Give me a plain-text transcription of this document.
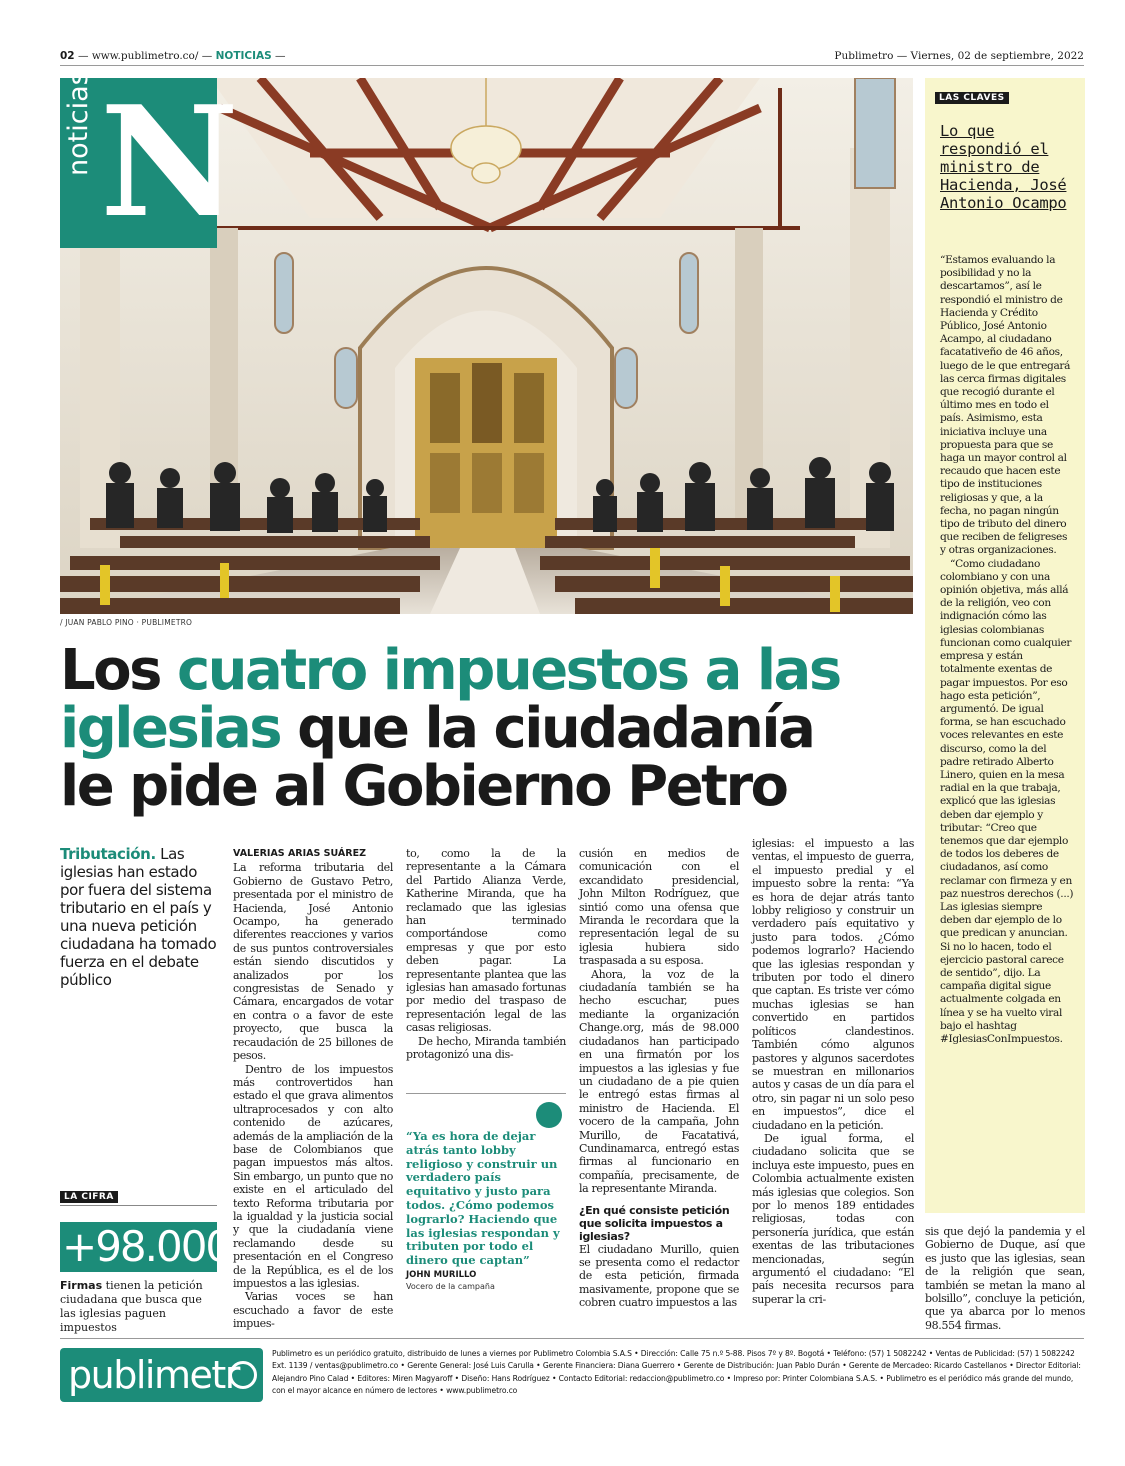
02 — www.publimetro.co/ — NOTICIAS —	Publimetro — Viernes, 02 de septiembre, 2022
/ JUAN PABLO PINO · PUBLIMETRO
noticias N
Los cuatro impuestos a las
iglesias que la ciudadanía
le pide al Gobierno Petro
Tributación. Las iglesias han estado por fuera del sistema tributario en el país y una nueva petición ciudadana ha tomado fuerza en el debate público
LA CIFRA
+98.000
Firmas tienen la petición ciudadana que busca que las iglesias paguen impuestos

VALERIAS ARIAS SUÁREZ

La reforma tributaria del Gobierno de Gustavo Petro, presentada por el ministro de Hacienda, José Antonio Ocampo, ha generado diferentes reacciones y varios de sus puntos controversiales están siendo discutidos y analizados por los congresistas de Senado y Cámara, encargados de votar en contra o a favor de este proyecto, que busca la recaudación de 25 billones de pesos.

Dentro de los impuestos más controvertidos han estado el que grava alimentos ultraprocesados y con alto contenido de azúcares, además de la ampliación de la base de Colombianos que pagan impuestos más altos. Sin embargo, un punto que no existe en el articulado del texto Reforma tributaria por la igualdad y la justicia social y que la ciudadanía viene reclamando desde su presentación en el Congreso de la República, es el de los impuestos a las iglesias.

Varias voces se han escuchado a favor de este impues-

to, como la de la representante a la Cámara del Partido Alianza Verde, Katherine Miranda, que ha reclamado que las iglesias han terminado comportándose como empresas y que por esto deben pagar. La representante plantea que las iglesias han amasado fortunas por medio del traspaso de representación legal de las casas religiosas.

De hecho, Miranda también protagonizó una dis-

“Ya es hora de dejar atrás tanto lobby religioso y construir un verdadero país equitativo y justo para todos. ¿Cómo podemos lograrlo? Haciendo que las iglesias respondan y tributen por todo el dinero que captan”
JOHN MURILLO
Vocero de la campaña

cusión en medios de comunicación con el excandidato presidencial, John Milton Rodríguez, que sintió como una ofensa que Miranda le recordara que la representación legal de su iglesia hubiera sido traspasada a su esposa.

Ahora, la voz de la ciudadanía también se ha hecho escuchar, pues mediante la organización Change.org, más de 98.000 ciudadanos han participado en una firmatón por los impuestos a las iglesias y fue un ciudadano de a pie quien le entregó estas firmas al ministro de Hacienda. El vocero de la campaña, John Murillo, de Facatativá, Cundinamarca, entregó estas firmas al funcionario en compañía, precisamente, de la representante Miranda.

¿En qué consiste petición que solicita impuestos a iglesias?

El ciudadano Murillo, quien se presenta como el redactor de esta petición, firmada masivamente, propone que se cobren cuatro impuestos a las

iglesias: el impuesto a las ventas, el impuesto de guerra, el impuesto predial y el impuesto sobre la renta: “Ya es hora de dejar atrás tanto lobby religioso y construir un verdadero país equitativo y justo para todos. ¿Cómo podemos lograrlo? Haciendo que las iglesias respondan y tributen por todo el dinero que captan. Es triste ver cómo muchas iglesias se han convertido en partidos políticos clandestinos. También cómo algunos pastores y algunos sacerdotes se muestran en millonarios autos y casas de un día para el otro, sin pagar ni un solo peso en impuestos”, dice el ciudadano en la petición.

De igual forma, el ciudadano solicita que se incluya este impuesto, pues en Colombia actualmente existen más iglesias que colegios. Son por lo menos 189 entidades religiosas, todas con personería jurídica, que están exentas de las tributaciones mencionadas, según argumentó el ciudadano: “El país necesita recursos para superar la cri-

sis que dejó la pandemia y el Gobierno de Duque, así que es justo que las iglesias, sean de la religión que sean, también se metan la mano al bolsillo”, concluye la petición, que ya abarca por lo menos 98.554 firmas.

LAS CLAVES
Lo que respondió el ministro de Hacienda, José Antonio Ocampo

“Estamos evaluando la posibilidad y no la descartamos”, así le respondió el ministro de Hacienda y Crédito Público, José Antonio Acampo, al ciudadano facatativeño de 46 años, luego de le que entregará las cerca firmas digitales que recogió durante el último mes en todo el país. Asimismo, esta iniciativa incluye una propuesta para que se haga un mayor control al recaudo que hacen este tipo de instituciones religiosas y que, a la fecha, no pagan ningún tipo de tributo del dinero que reciben de feligreses y otras organizaciones.

“Como ciudadano colombiano y con una opinión objetiva, más allá de la religión, veo con indignación cómo las iglesias colombianas funcionan como cualquier empresa y están totalmente exentas de pagar impuestos. Por eso hago esta petición”, argumentó. De igual forma, se han escuchado voces relevantes en este discurso, como la del padre retirado Alberto Linero, quien en la mesa radial en la que trabaja, explicó que las iglesias deben dar ejemplo y tributar: “Creo que tenemos que dar ejemplo de todos los deberes de ciudadanos, así como reclamar con firmeza y en paz nuestros derechos (...) Las iglesias siempre deben dar ejemplo de lo que predican y anuncian. Si no lo hacen, todo el ejercicio pastoral carece de sentido”, dijo. La campaña digital sigue actualmente colgada en línea y se ha vuelto viral bajo el hashtag #IglesiasConImpuestos.

publimetr	Publimetro es un periódico gratuito, distribuido de lunes a viernes por Publimetro Colombia S.A.S • Dirección: Calle 75 n.º 5-88. Pisos 7º y 8º. Bogotá • Teléfono: (57) 1 5082242 • Ventas de Publicidad: (57) 1 5082242 Ext. 1139 / ventas@publimetro.co • Gerente General: José Luis Carulla • Gerente Financiera: Diana Guerrero • Gerente de Distribución: Juan Pablo Durán • Gerente de Mercadeo: Ricardo Castellanos • Director Editorial: Alejandro Pino Calad • Editores: Miren Magyaroff • Diseño: Hans Rodríguez • Contacto Editorial: redaccion@publimetro.co • Impreso por: Printer Colombiana S.A.S. • Publimetro es el periódico más grande del mundo, con el mayor alcance en número de lectores • www.publimetro.co
